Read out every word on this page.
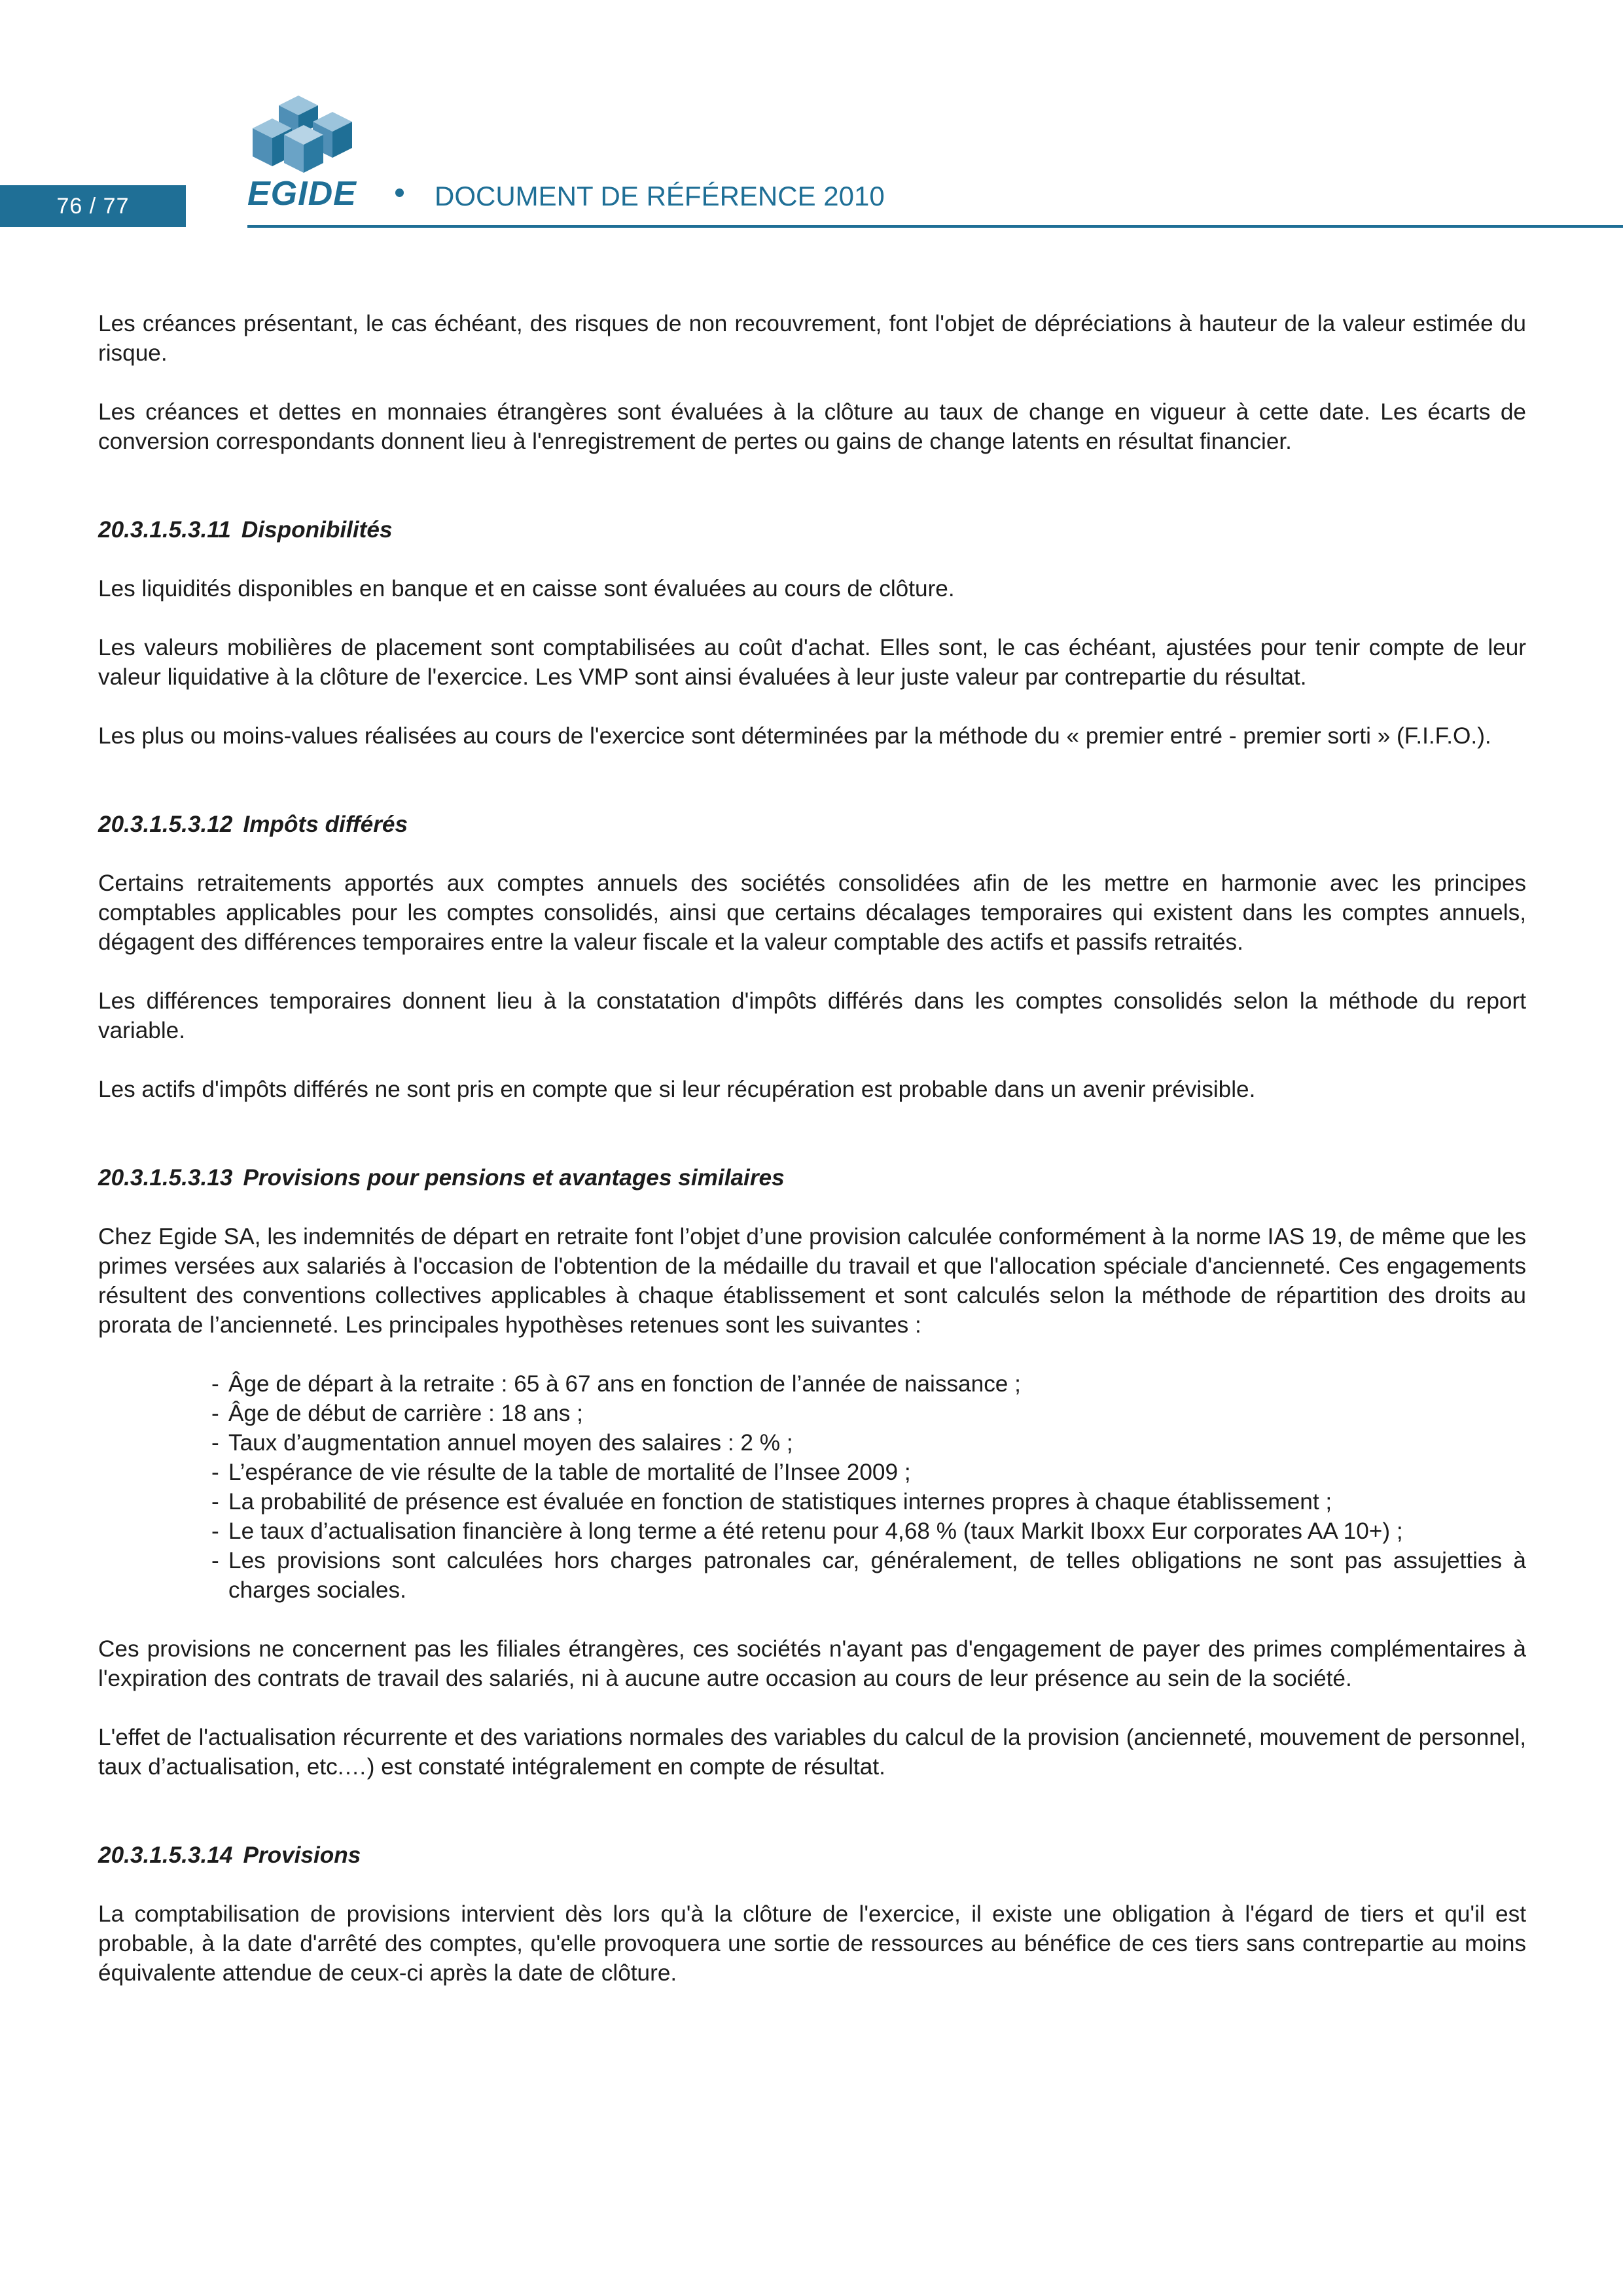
76 / 77	EGIDE	DOCUMENT DE RÉFÉRENCE 2010

Les créances présentant, le cas échéant, des risques de non recouvrement, font l'objet de dépréciations à hauteur de la valeur estimée du risque.

Les créances et dettes en monnaies étrangères sont évaluées à la clôture au taux de change en vigueur à cette date. Les écarts de conversion correspondants donnent lieu à l'enregistrement de pertes ou gains de change latents en résultat financier.

20.3.1.5.3.11 Disponibilités

Les liquidités disponibles en banque et en caisse sont évaluées au cours de clôture.

Les valeurs mobilières de placement sont comptabilisées au coût d'achat. Elles sont, le cas échéant, ajustées pour tenir compte de leur valeur liquidative à la clôture de l'exercice. Les VMP sont ainsi évaluées à leur juste valeur par contrepartie du résultat.

Les plus ou moins-values réalisées au cours de l'exercice sont déterminées par la méthode du « premier entré - premier sorti » (F.I.F.O.).

20.3.1.5.3.12 Impôts différés

Certains retraitements apportés aux comptes annuels des sociétés consolidées afin de les mettre en harmonie avec les principes comptables applicables pour les comptes consolidés, ainsi que certains décalages temporaires qui existent dans les comptes annuels, dégagent des différences temporaires entre la valeur fiscale et la valeur comptable des actifs et passifs retraités.

Les différences temporaires donnent lieu à la constatation d'impôts différés dans les comptes consolidés selon la méthode du report variable.

Les actifs d'impôts différés ne sont pris en compte que si leur récupération est probable dans un avenir prévisible.

20.3.1.5.3.13 Provisions pour pensions et avantages similaires

Chez Egide SA, les indemnités de départ en retraite font l’objet d’une provision calculée conformément à la norme IAS 19, de même que les primes versées aux salariés à l'occasion de l'obtention de la médaille du travail et que l'allocation spéciale d'ancienneté. Ces engagements résultent des conventions collectives applicables à chaque établissement et sont calculés selon la méthode de répartition des droits au prorata de l’ancienneté. Les principales hypothèses retenues sont les suivantes :

- Âge de départ à la retraite : 65 à 67 ans en fonction de l’année de naissance ;
- Âge de début de carrière : 18 ans ;
- Taux d’augmentation annuel moyen des salaires : 2 % ;
- L’espérance de vie résulte de la table de mortalité de l’Insee 2009 ;
- La probabilité de présence est évaluée en fonction de statistiques internes propres à chaque établissement ;
- Le taux d’actualisation financière à long terme a été retenu pour 4,68 % (taux Markit Iboxx Eur corporates AA 10+) ;
- Les provisions sont calculées hors charges patronales car, généralement, de telles obligations ne sont pas assujetties à charges sociales.

Ces provisions ne concernent pas les filiales étrangères, ces sociétés n'ayant pas d'engagement de payer des primes complémentaires à l'expiration des contrats de travail des salariés, ni à aucune autre occasion au cours de leur présence au sein de la société.

L'effet de l'actualisation récurrente et des variations normales des variables du calcul de la provision (ancienneté, mouvement de personnel, taux d’actualisation, etc.…) est constaté intégralement en compte de résultat.

20.3.1.5.3.14 Provisions

La comptabilisation de provisions intervient dès lors qu'à la clôture de l'exercice, il existe une obligation à l'égard de tiers et qu'il est probable, à la date d'arrêté des comptes, qu'elle provoquera une sortie de ressources au bénéfice de ces tiers sans contrepartie au moins équivalente attendue de ceux-ci après la date de clôture.
